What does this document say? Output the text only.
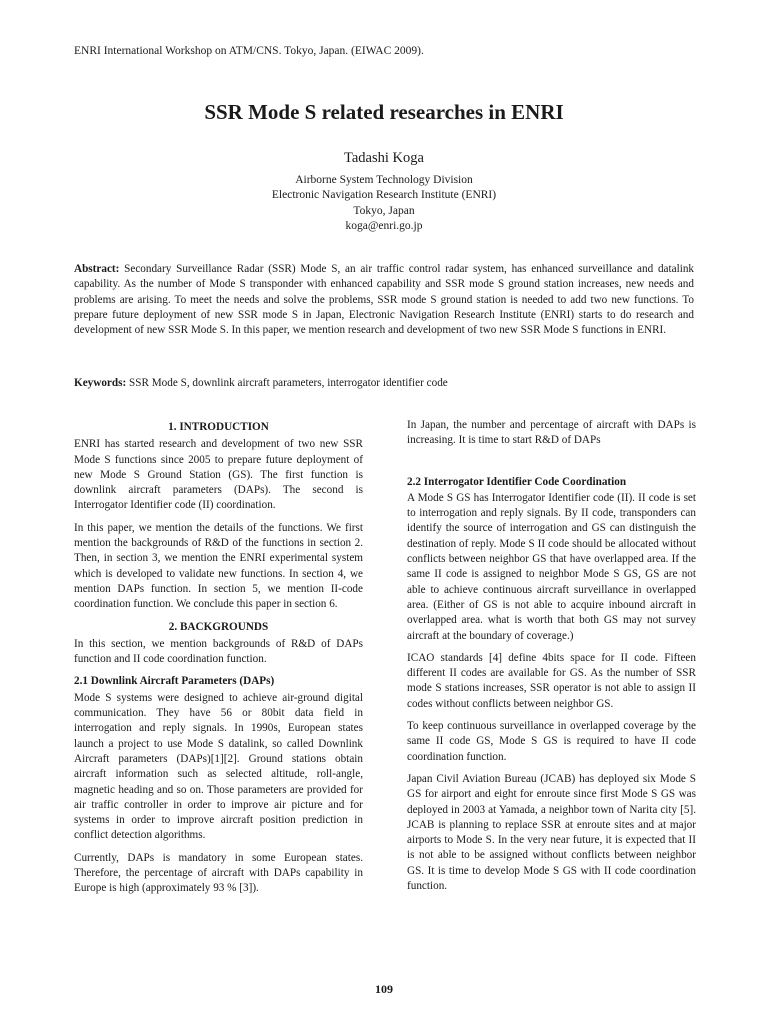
ENRI International Workshop on ATM/CNS. Tokyo, Japan. (EIWAC 2009).
SSR Mode S related researches in ENRI
Tadashi Koga
Airborne System Technology Division
Electronic Navigation Research Institute (ENRI)
Tokyo, Japan
koga@enri.go.jp
Abstract: Secondary Surveillance Radar (SSR) Mode S, an air traffic control radar system, has enhanced surveillance and datalink capability. As the number of Mode S transponder with enhanced capability and SSR mode S ground station increases, new needs and problems are arising. To meet the needs and solve the problems, SSR mode S ground station is needed to add two new functions. To prepare future deployment of new SSR mode S in Japan, Electronic Navigation Research Institute (ENRI) starts to do research and development of new SSR Mode S. In this paper, we mention research and development of two new SSR Mode S functions in ENRI.
Keywords: SSR Mode S, downlink aircraft parameters, interrogator identifier code
1. INTRODUCTION

ENRI has started research and development of two new SSR Mode S functions since 2005 to prepare future deployment of new Mode S Ground Station (GS). The first function is downlink aircraft parameters (DAPs). The second is Interrogator Identifier code (II) coordination.

In this paper, we mention the details of the functions. We first mention the backgrounds of R&D of the functions in section 2. Then, in section 3, we mention the ENRI experimental system which is developed to validate new functions. In section 4, we mention DAPs function. In section 5, we mention II-code coordination function. We conclude this paper in section 6.

2. BACKGROUNDS

In this section, we mention backgrounds of R&D of DAPs function and II code coordination function.

2.1 Downlink Aircraft Parameters (DAPs)

Mode S systems were designed to achieve air-ground digital communication. They have 56 or 80bit data field in interrogation and reply signals. In 1990s, European states launch a project to use Mode S datalink, so called Downlink Aircraft parameters (DAPs)[1][2]. Ground stations obtain aircraft information such as selected altitude, roll-angle, magnetic heading and so on. Those parameters are provided for air traffic controller in order to improve air picture and for systems in order to improve aircraft position prediction in conflict detection algorithms.

Currently, DAPs is mandatory in some European states. Therefore, the percentage of aircraft with DAPs capability in Europe is high (approximately 93 % [3]).

In Japan, the number and percentage of aircraft with DAPs is increasing. It is time to start R&D of DAPs

2.2 Interrogator Identifier Code Coordination

A Mode S GS has Interrogator Identifier code (II). II code is set to interrogation and reply signals. By II code, transponders can identify the source of interrogation and GS can distinguish the destination of reply. Mode S II code should be allocated without conflicts between neighbor GS that have overlapped area. If the same II code is assigned to neighbor Mode S GS, GS are not able to achieve continuous aircraft surveillance in overlapped area. (Either of GS is not able to acquire inbound aircraft in overlapped area. what is worth that both GS may not survey aircraft at the boundary of coverage.)

ICAO standards [4] define 4bits space for II code. Fifteen different II codes are available for GS. As the number of SSR mode S stations increases, SSR operator is not able to assign II codes without conflicts between neighbor GS.

To keep continuous surveillance in overlapped coverage by the same II code GS, Mode S GS is required to have II code coordination function.

Japan Civil Aviation Bureau (JCAB) has deployed six Mode S GS for airport and eight for enroute since first Mode S GS was deployed in 2003 at Yamada, a neighbor town of Narita city [5]. JCAB is planning to replace SSR at enroute sites and at major airports to Mode S. In the very near future, it is expected that II is not able to be assigned without conflicts between neighbor GS. It is time to develop Mode S GS with II code coordination function.

109
